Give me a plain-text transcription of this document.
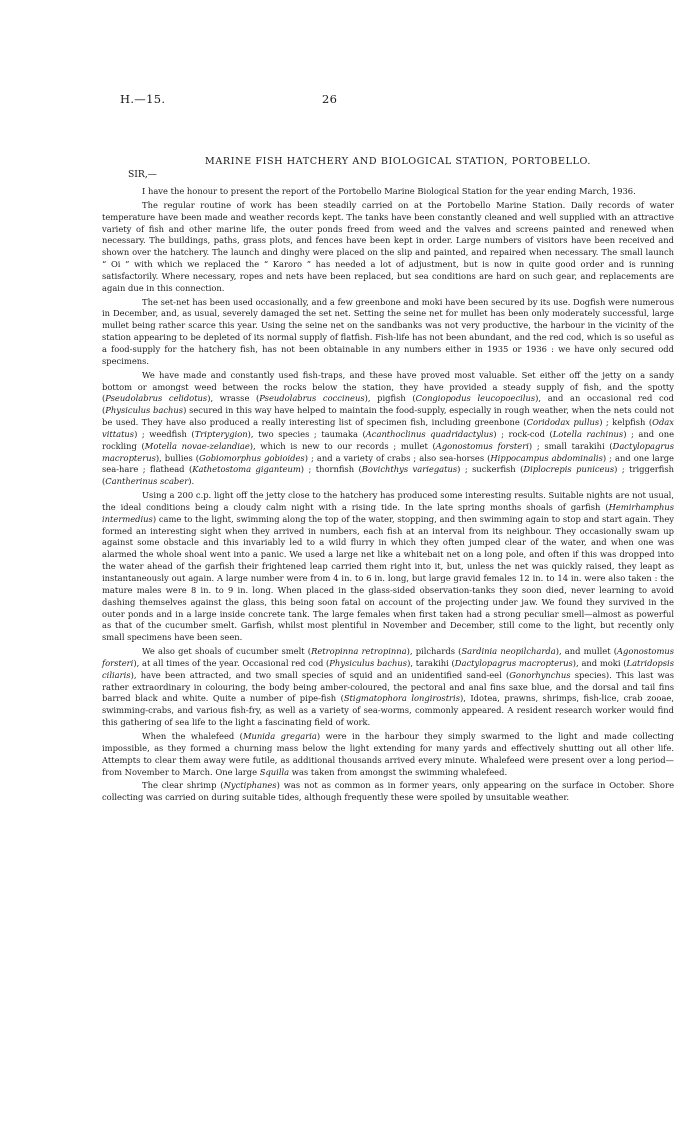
H.—15.	26
MARINE FISH HATCHERY AND BIOLOGICAL STATION, PORTOBELLO.
SIR,—

I have the honour to present the report of the Portobello Marine Biological Station for the year ending March, 1936.

The regular routine of work has been steadily carried on at the Portobello Marine Station. Daily records of water temperature have been made and weather records kept. The tanks have been constantly cleaned and well supplied with an attractive variety of fish and other marine life, the outer ponds freed from weed and the valves and screens painted and renewed when necessary. The buildings, paths, grass plots, and fences have been kept in order. Large numbers of visitors have been received and shown over the hatchery. The launch and dinghy were placed on the slip and painted, and repaired when necessary. The small launch “ Oi ” with which we replaced the “ Karoro ” has needed a lot of adjustment, but is now in quite good order and is running satisfactorily. Where necessary, ropes and nets have been replaced, but sea conditions are hard on such gear, and replacements are again due in this connection.

The set-net has been used occasionally, and a few greenbone and moki have been secured by its use. Dogfish were numerous in December, and, as usual, severely damaged the set net. Setting the seine net for mullet has been only moderately successful, large mullet being rather scarce this year. Using the seine net on the sandbanks was not very productive, the harbour in the vicinity of the station appearing to be depleted of its normal supply of flatfish. Fish-life has not been abundant, and the red cod, which is so useful as a food-supply for the hatchery fish, has not been obtainable in any numbers either in 1935 or 1936 : we have only secured odd specimens.

We have made and constantly used fish-traps, and these have proved most valuable. Set either off the jetty on a sandy bottom or amongst weed between the rocks below the station, they have provided a steady supply of fish, and the spotty (Pseudolabrus celidotus), wrasse (Pseudolabrus coccineus), pigfish (Congiopodus leucopoecilus), and an occasional red cod (Physiculus bachus) secured in this way have helped to maintain the food-supply, especially in rough weather, when the nets could not be used. They have also produced a really interesting list of specimen fish, including greenbone (Coridodax pullus) ; kelpfish (Odax vittatus) ; weedfish (Tripterygion), two species ; taumaka (Acanthoclinus quadridactylus) ; rock-cod (Lotella rachinus) ; and one rockling (Motella novae-zelandiae), which is new to our records ; mullet (Agonostomus forsteri) ; small tarakihi (Dactylopagrus macropterus), bullies (Gobiomorphus gobioides) ; and a variety of crabs ; also sea-horses (Hippocampus abdominalis) ; and one large sea-hare ; flathead (Kathetostoma giganteum) ; thornfish (Bovichthys variegatus) ; suckerfish (Diplocrepis puniceus) ; triggerfish (Cantherinus scaber).

Using a 200 c.p. light off the jetty close to the hatchery has produced some interesting results. Suitable nights are not usual, the ideal conditions being a cloudy calm night with a rising tide. In the late spring months shoals of garfish (Hemirhamphus intermedius) came to the light, swimming along the top of the water, stopping, and then swimming again to stop and start again. They formed an interesting sight when they arrived in numbers, each fish at an interval from its neighbour. They occasionally swam up against some obstacle and this invariably led to a wild flurry in which they often jumped clear of the water, and when one was alarmed the whole shoal went into a panic. We used a large net like a whitebait net on a long pole, and often if this was dropped into the water ahead of the garfish their frightened leap carried them right into it, but, unless the net was quickly raised, they leapt as instantaneously out again. A large number were from 4 in. to 6 in. long, but large gravid females 12 in. to 14 in. were also taken : the mature males were 8 in. to 9 in. long. When placed in the glass-sided observation-tanks they soon died, never learning to avoid dashing themselves against the glass, this being soon fatal on account of the projecting under jaw. We found they survived in the outer ponds and in a large inside concrete tank. The large females when first taken had a strong peculiar smell—almost as powerful as that of the cucumber smelt. Garfish, whilst most plentiful in November and December, still come to the light, but recently only small specimens have been seen.

We also get shoals of cucumber smelt (Retropinna retropinna), pilchards (Sardinia neopilchardа), and mullet (Agonostomus forsteri), at all times of the year. Occasional red cod (Physiculus bachus), tarakihi (Dactylopagrus macropterus), and moki (Latridopsis ciliaris), have been attracted, and two small species of squid and an unidentified sand-eel (Gonorhynchus species). This last was rather extraordinary in colouring, the body being amber-coloured, the pectoral and anal fins saxe blue, and the dorsal and tail fins barred black and white. Quite a number of pipe-fish (Stigmatophora longirostris), Idotea, prawns, shrimps, fish-lice, crab zooae, swimming-crabs, and various fish-fry, as well as a variety of sea-worms, commonly appeared. A resident research worker would find this gathering of sea life to the light a fascinating field of work.

When the whalefeed (Munida gregaria) were in the harbour they simply swarmed to the light and made collecting impossible, as they formed a churning mass below the light extending for many yards and effectively shutting out all other life. Attempts to clear them away were futile, as additional thousands arrived every minute. Whalefeed were present over a long period—from November to March. One large Squilla was taken from amongst the swimming whalefeed.

The clear shrimp (Nyctiphanes) was not as common as in former years, only appearing on the surface in October. Shore collecting was carried on during suitable tides, although frequently these were spoiled by unsuitable weather.
